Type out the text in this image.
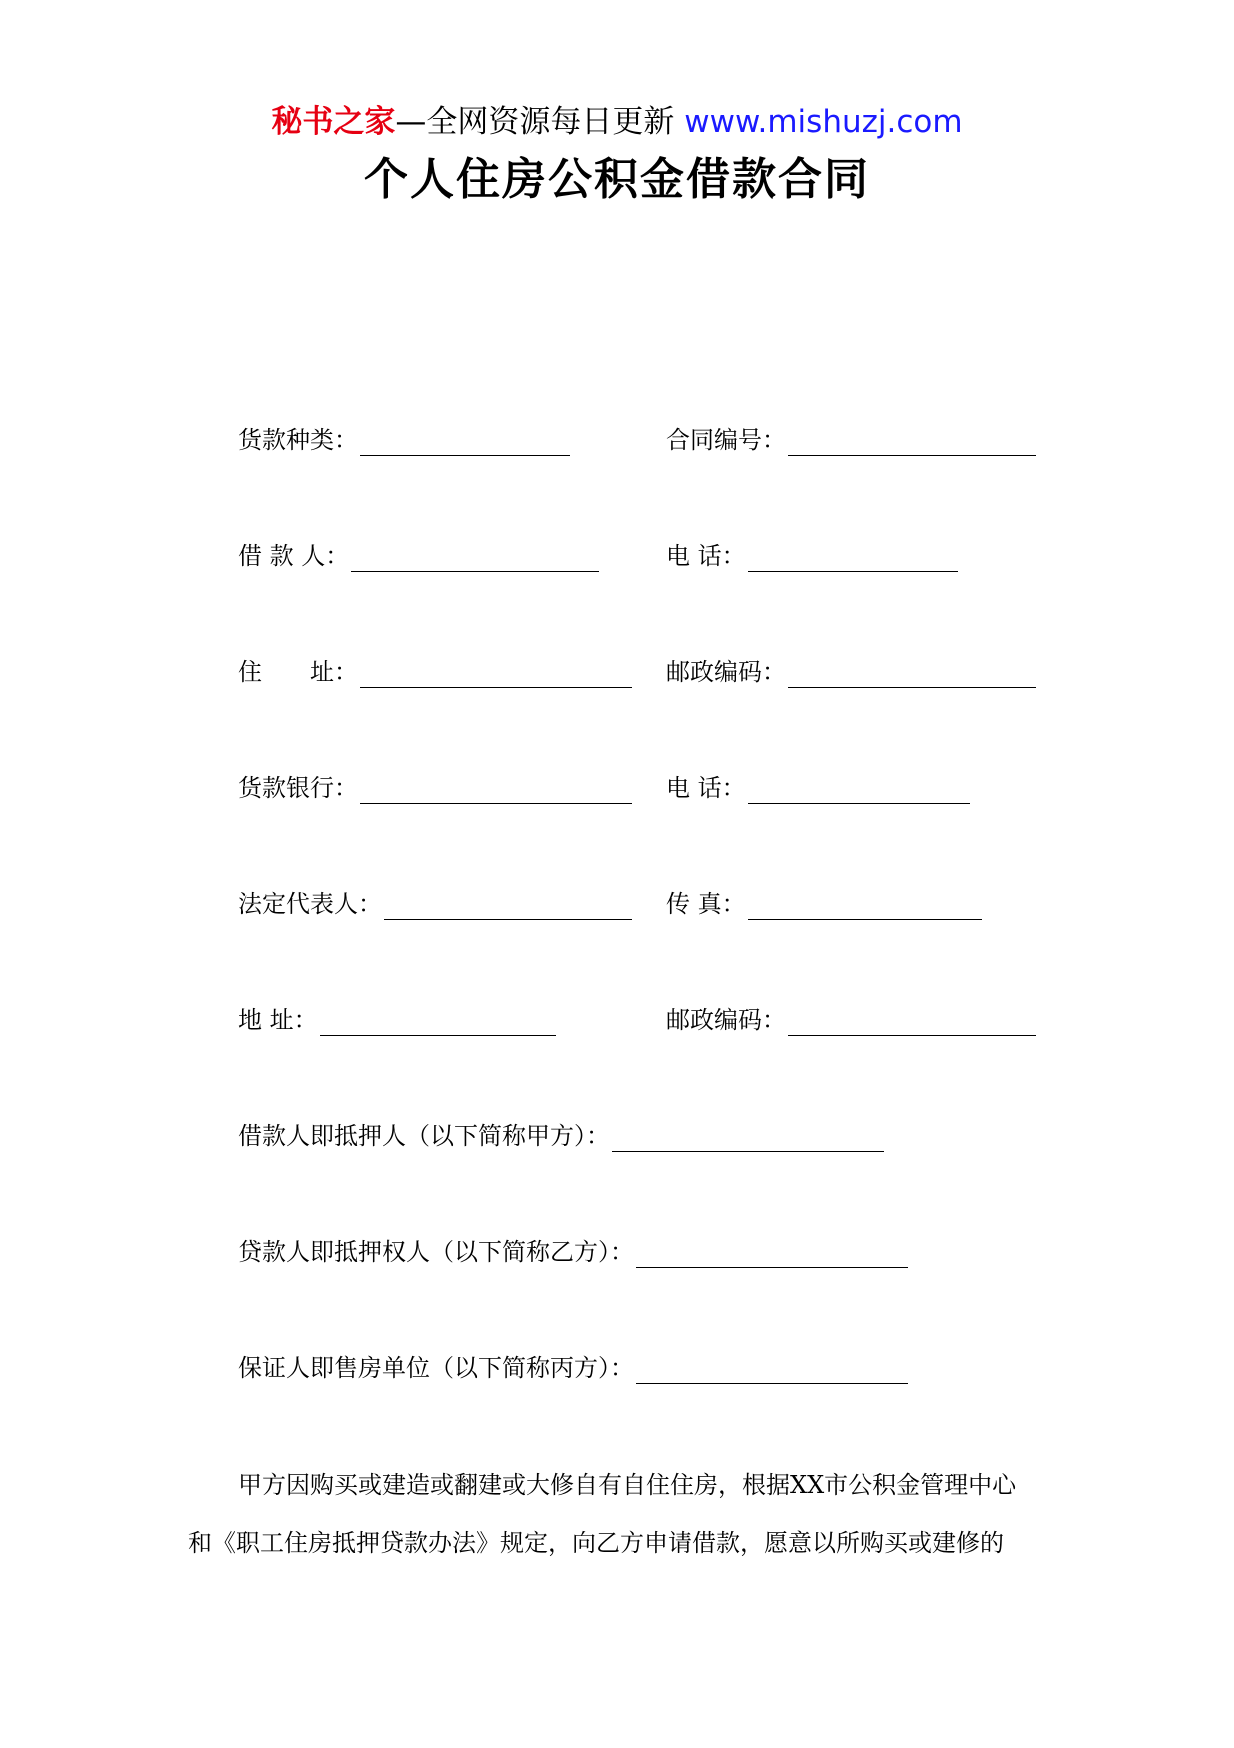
秘书之家—全网资源每日更新 www.mishuzj.com
个人住房公积金借款合同
货款种类：	合同编号：
借 款 人：	电 话：
住　　址：	邮政编码：
货款银行：	电 话：
法定代表人：	传 真：
地 址：	邮政编码：
借款人即抵押人（以下简称甲方）：
贷款人即抵押权人（以下简称乙方）：
保证人即售房单位（以下简称丙方）：
甲方因购买或建造或翻建或大修自有自住住房，根据XX市公积金管理中心
和《职工住房抵押贷款办法》规定，向乙方申请借款，愿意以所购买或建修的
